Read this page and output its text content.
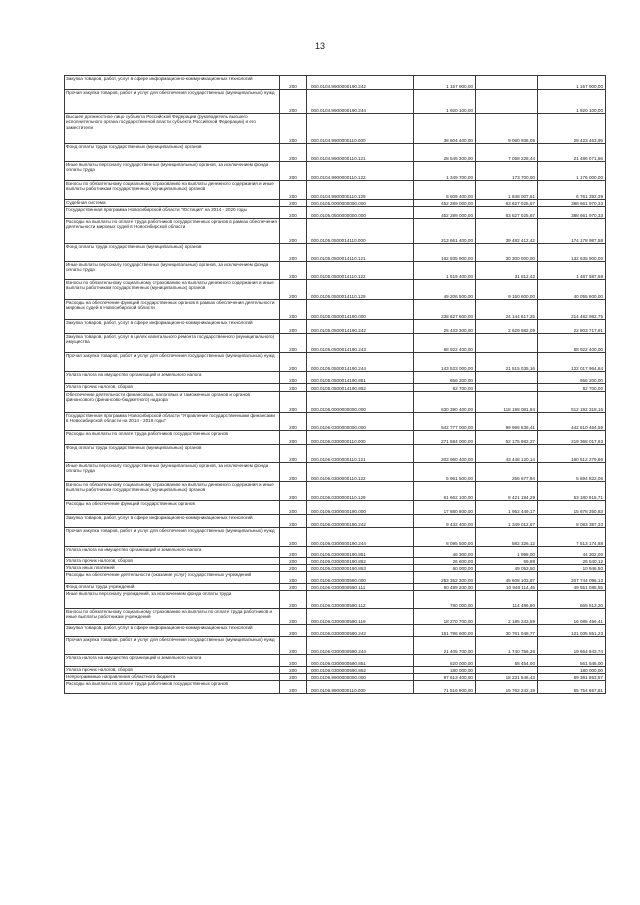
13
Закупка товаров, работ, услуг в сфере информационно-коммуникационных технологий	200	000.0104.9900000190.242	1 157 900,00		1 157 900,00
Прочая закупка товаров, работ и услуг для обеспечения государственных (муниципальных) нужд	200	000.0104.9900000190.244	1 920 100,00		1 920 100,00
Высшее должностное лицо субъекта Российской Федерации (руководитель высшего исполнительного органа государственной власти субъекта Российской Федерации) и его заместители	200	000.0104.9900000110.000	38 604 400,00	9 060 936,05	28 423 463,95
Фонд оплаты труда государственных (муниципальных) органов	200	000.0104.9900000110.121	28 545 300,00	7 058 228,44	21 486 071,56
Иные выплаты персоналу государственных (муниципальных) органов, за исключением фонда оплаты труда	200	000.0104.9900000110.122	1 349 700,00	173 700,00	1 176 000,00
Взносы по обязательному социальному страхованию на выплаты денежного содержания и иные выплаты работникам государственных (муниципальных) органов	200	000.0104.9900000110.129	8 609 400,00	1 848 007,61	6 761 392,39
Судебная система	200	000.0105.0000000000.000	452 289 000,00	63 627 025,67	388 661 970,33
Государственная программа Новосибирской области "Юстиция" на 2014 - 2020 годы	200	000.0105.0500000000.000	452 289 000,00	63 627 025,67	388 661 970,33
Расходы на выплаты по оплате труда работников государственных органов в рамках обеспечения деятельности мировых судей в Новосибирской области	200	000.0105.0500014110.000	213 661 400,00	39 482 412,42	174 178 987,58
Фонд оплаты труда государственных (муниципальных) органов	200	000.0105.0500014110.121	162 935 900,00	30 300 000,00	132 635 900,00
Иные выплаты персоналу государственных (муниципальных) органов, за исключением фонда оплаты труда	200	000.0105.0500014110.122	1 519 400,00	31 812,42	1 487 587,58
Взносы по обязательному социальному страхованию на выплаты денежного содержания и иные выплаты работникам государственных (муниципальных) органов	200	000.0105.0500014110.129	49 206 500,00	9 150 600,00	40 055 900,00
Расходы на обеспечение функций государственных органов в рамках обеспечения деятельности мировых судей в Новосибирской области	200	000.0105.0500014190.000	238 627 600,00	24 144 617,25	214 482 982,75
Закупка товаров, работ, услуг в сфере информационно-коммуникационных технологий	200	000.0105.0500014190.242	25 433 300,00	2 629 582,09	22 803 717,91
Закупка товаров, работ, услуг в целях капитального ремонта государственного (муниципального) имущества	200	000.0105.0500014190.243	68 922 400,00		68 922 400,00
Прочая закупка товаров, работ и услуг для обеспечения государственных (муниципальных) нужд	200	000.0105.0500014190.244	143 533 000,00	21 515 035,16	122 017 964,84
Уплата налога на имущество организаций и земельного налога	200	000.0105.0500014190.851	656 200,00		656 200,00
Уплата прочих налогов, сборов	200	000.0105.0500014190.852	82 700,00		82 700,00
Обеспечение деятельности финансовых, налоговых и таможенных органов и органов финансового (финансово-бюджетного) надзора	200	000.0106.0000000000.000	630 390 400,00	118 198 081,84	512 192 318,16
Государственная программа Новосибирской области "Управление государственными финансами в Новосибирской области на 2014 - 2019 годы"	200	000.0106.0300000000.000	542 777 000,00	99 966 535,41	442 810 464,59
Расходы на выплаты по оплате труда работников государственных органов	200	000.0106.0300000110.000	271 584 000,00	52 175 982,37	219 368 017,63
Фонд оплаты труда государственных (муниципальных) органов	200	000.0106.0300000110.121	203 960 400,00	43 448 120,14	160 512 279,86
Иные выплаты персоналу государственных (муниципальных) органов, за исключением фонда оплаты труда	200	000.0106.0300000110.122	5 961 500,00	266 677,94	5 694 822,06
Взносы по обязательному социальному страхованию на выплаты денежного содержания и иные выплаты работникам государственных (муниципальных) органов	200	000.0106.0300000110.129	61 662 100,00	8 421 184,29	53 180 915,71
Расходы на обеспечение функций государственных органов	200	000.0106.0300000190.000	17 880 800,00	1 952 449,17	15 678 350,83
Закупка товаров, работ, услуг в сфере информационно-коммуникационных технологий	200	000.0106.0300000190.242	9 432 400,00	1 349 012,67	8 083 387,33
Прочая закупка товаров, работ и услуг для обеспечения государственных (муниципальных) нужд	200	000.0106.0300000190.244	8 095 500,00	582 326,12	7 513 174,88
Уплата налога на имущество организаций и земельного налога	200	000.0106.0300000190.851	46 300,00	1 998,00	44 302,00
Уплата прочих налогов, сборов	200	000.0106.0300000190.852	26 600,00	59,88	26 540,12
Уплата иных платежей	200	000.0106.0300000190.853	60 000,00	49 053,50	10 946,50
Расходы на обеспечение деятельности (оказание услуг) государственных учреждений	200	000.0106.0300000590.000	253 352 200,00	45 608 103,87	207 744 096,13
Фонд оплаты труда учреждений	200	000.0106.0300000590.111	60 499 200,00	10 948 114,45	49 551 085,55
Иные выплаты персоналу учреждений, за исключением фонда оплаты труда	200	000.0106.0300000590.112	780 000,00	114 486,80	665 513,20
Взносы по обязательному социальному страхованию на выплаты по оплате труда работников и иные выплаты работникам учреждений	200	000.0106.0300000590.119	18 270 700,00	2 185 243,59	16 085 456,41
Закупка товаров, работ, услуг в сфере информационно-коммуникационных технологий	200	000.0106.0300000590.242	151 796 600,00	30 761 048,77	121 035 551,23
Прочая закупка товаров, работ и услуг для обеспечения государственных (муниципальных) нужд	200	000.0106.0300000590.244	21 405 700,00	1 740 756,26	19 664 943,74
Уплата налога на имущество организаций и земельного налога	200	000.0106.0300000590.851	620 000,00	58 454,00	561 546,00
Уплата прочих налогов, сборов	200	000.0106.0300000590.852	180 000,00		180 000,00
Непрограммные направления областного бюджета	200	000.0106.9900000000.000	87 613 400,00	18 231 546,43	69 381 853,57
Расходы на выплаты по оплате труда работников государственных органов	200	000.0106.9900000110.000	71 516 900,00	15 762 242,19	55 754 657,81
